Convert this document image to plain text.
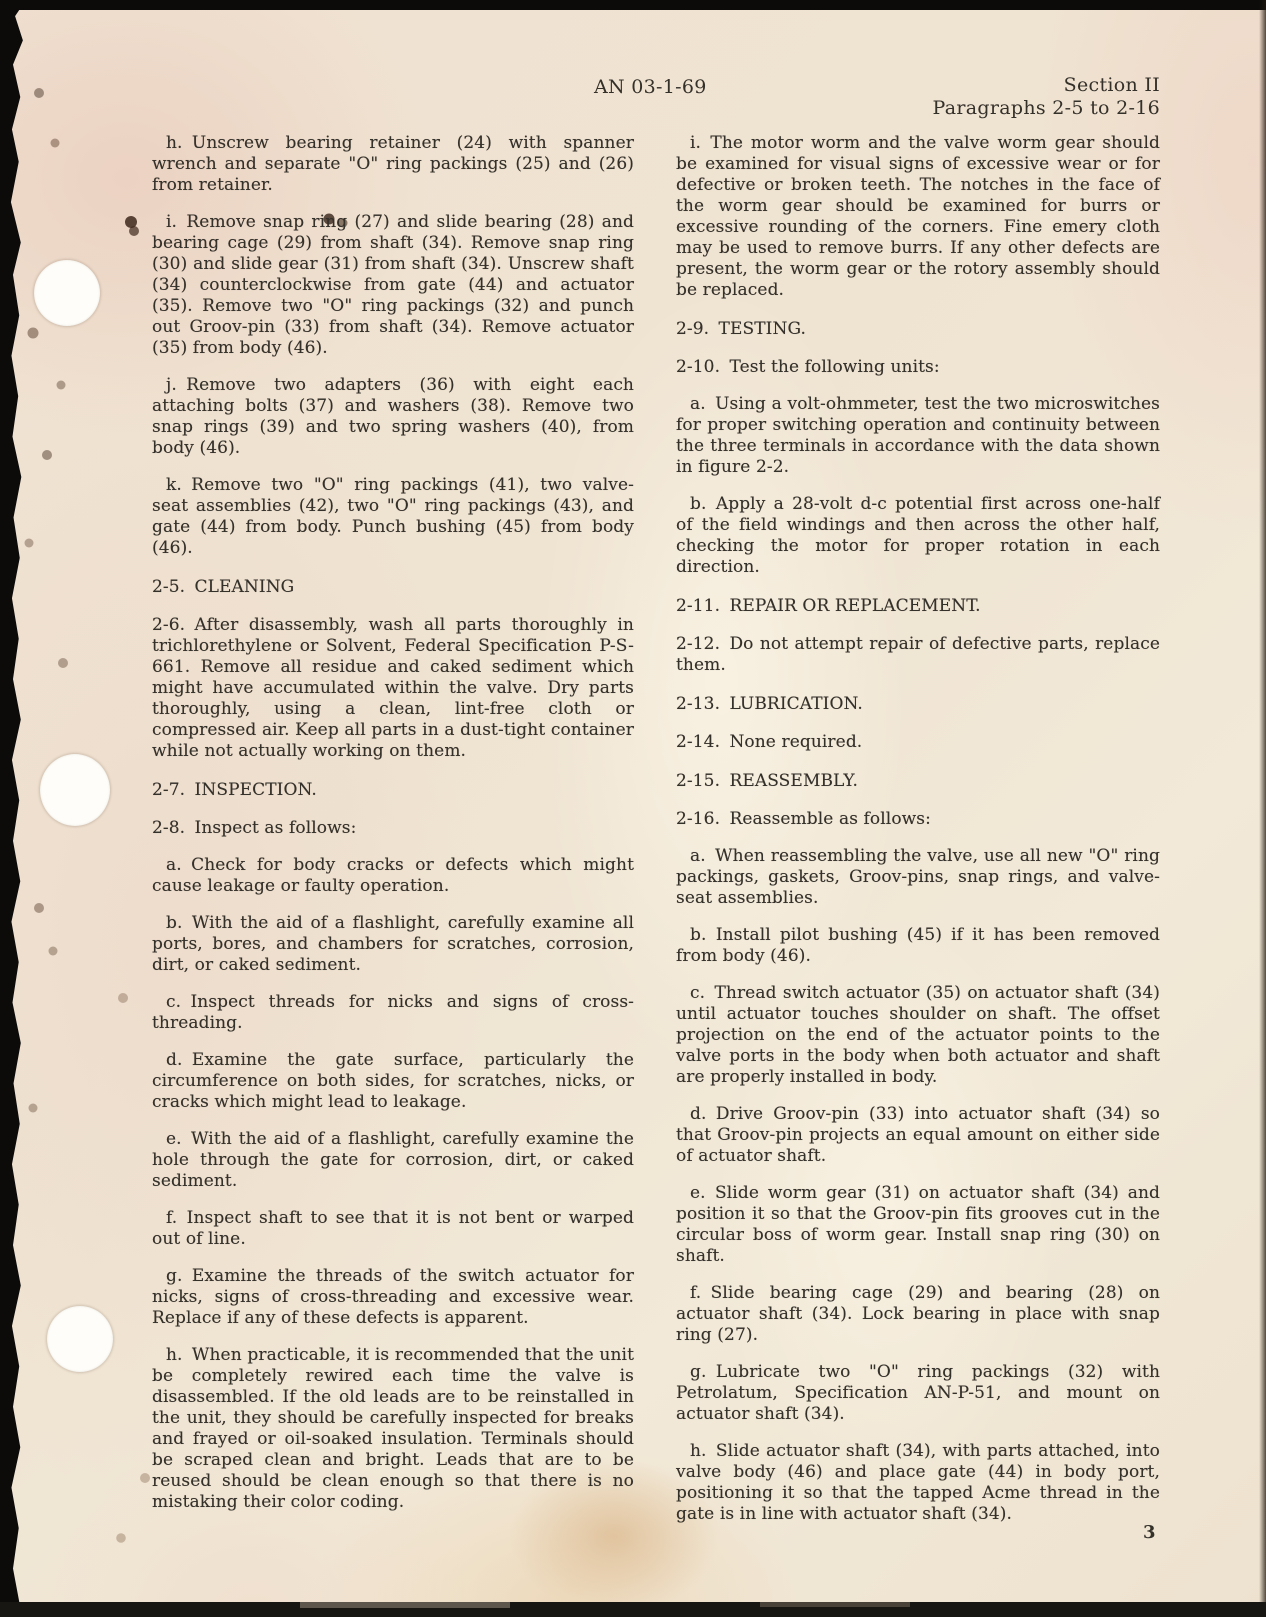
AN 03-1-69	Section II
Paragraphs 2-5 to 2-16
h. Unscrew bearing retainer (24) with spanner wrench and separate "O" ring packings (25) and (26) from retainer.
i. Remove snap ring (27) and slide bearing (28) and bearing cage (29) from shaft (34). Remove snap ring (30) and slide gear (31) from shaft (34). Unscrew shaft (34) counterclockwise from gate (44) and actuator (35). Remove two "O" ring packings (32) and punch out Groov-pin (33) from shaft (34). Remove actuator (35) from body (46).
j. Remove two adapters (36) with eight each attaching bolts (37) and washers (38). Remove two snap rings (39) and two spring washers (40), from body (46).
k. Remove two "O" ring packings (41), two valve-seat assemblies (42), two "O" ring packings (43), and gate (44) from body. Punch bushing (45) from body (46).
2-5. CLEANING
2-6. After disassembly, wash all parts thoroughly in trichlorethylene or Solvent, Federal Specification P-S-661. Remove all residue and caked sediment which might have accumulated within the valve. Dry parts thoroughly, using a clean, lint-free cloth or compressed air. Keep all parts in a dust-tight container while not actually working on them.
2-7. INSPECTION.
2-8. Inspect as follows:
a. Check for body cracks or defects which might cause leakage or faulty operation.
b. With the aid of a flashlight, carefully examine all ports, bores, and chambers for scratches, corrosion, dirt, or caked sediment.
c. Inspect threads for nicks and signs of cross-threading.
d. Examine the gate surface, particularly the circumference on both sides, for scratches, nicks, or cracks which might lead to leakage.
e. With the aid of a flashlight, carefully examine the hole through the gate for corrosion, dirt, or caked sediment.
f. Inspect shaft to see that it is not bent or warped out of line.
g. Examine the threads of the switch actuator for nicks, signs of cross-threading and excessive wear. Replace if any of these defects is apparent.
h. When practicable, it is recommended that the unit be completely rewired each time the valve is disassembled. If the old leads are to be reinstalled in the unit, they should be carefully inspected for breaks and frayed or oil-soaked insulation. Terminals should be scraped clean and bright. Leads that are to be reused should be clean enough so that there is no mistaking their color coding.
i. The motor worm and the valve worm gear should be examined for visual signs of excessive wear or for defective or broken teeth. The notches in the face of the worm gear should be examined for burrs or excessive rounding of the corners. Fine emery cloth may be used to remove burrs. If any other defects are present, the worm gear or the rotory assembly should be replaced.
2-9. TESTING.
2-10. Test the following units:
a. Using a volt-ohmmeter, test the two microswitches for proper switching operation and continuity between the three terminals in accordance with the data shown in figure 2-2.
b. Apply a 28-volt d-c potential first across one-half of the field windings and then across the other half, checking the motor for proper rotation in each direction.
2-11. REPAIR OR REPLACEMENT.
2-12. Do not attempt repair of defective parts, replace them.
2-13. LUBRICATION.
2-14. None required.
2-15. REASSEMBLY.
2-16. Reassemble as follows:
a. When reassembling the valve, use all new "O" ring packings, gaskets, Groov-pins, snap rings, and valve-seat assemblies.
b. Install pilot bushing (45) if it has been removed from body (46).
c. Thread switch actuator (35) on actuator shaft (34) until actuator touches shoulder on shaft. The offset projection on the end of the actuator points to the valve ports in the body when both actuator and shaft are properly installed in body.
d. Drive Groov-pin (33) into actuator shaft (34) so that Groov-pin projects an equal amount on either side of actuator shaft.
e. Slide worm gear (31) on actuator shaft (34) and position it so that the Groov-pin fits grooves cut in the circular boss of worm gear. Install snap ring (30) on shaft.
f. Slide bearing cage (29) and bearing (28) on actuator shaft (34). Lock bearing in place with snap ring (27).
g. Lubricate two "O" ring packings (32) with Petrolatum, Specification AN-P-51, and mount on actuator shaft (34).
h. Slide actuator shaft (34), with parts attached, into valve body (46) and place gate (44) in body port, positioning it so that the tapped Acme thread in the gate is in line with actuator shaft (34).
3
